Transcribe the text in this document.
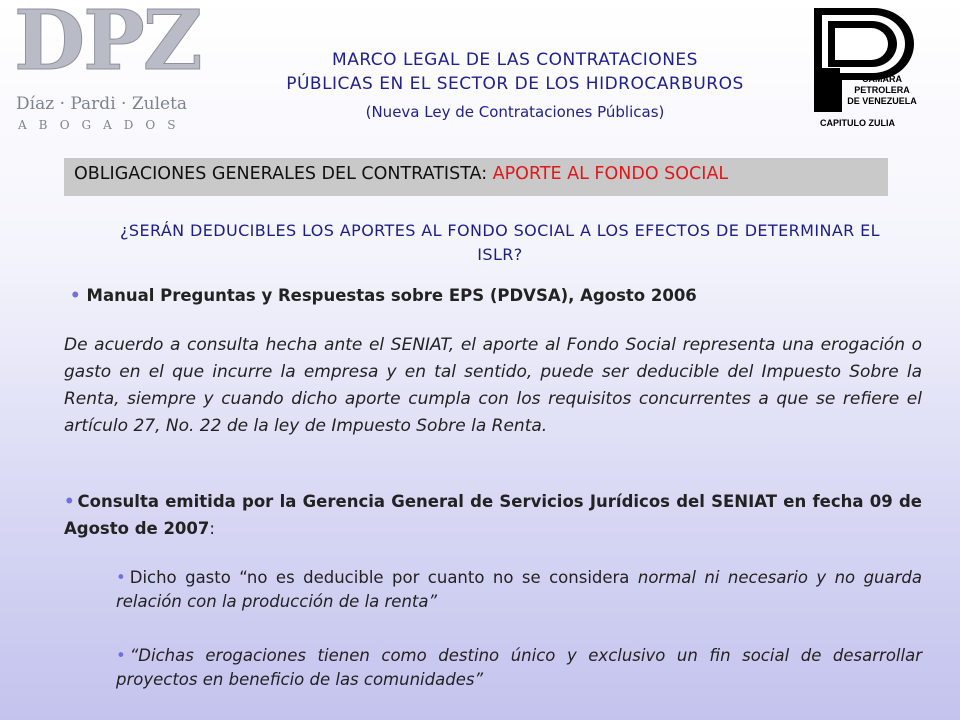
DPZ
Díaz · Pardi · Zuleta
ABOGADOS
MARCO LEGAL DE LAS CONTRATACIONES
PÚBLICAS EN EL SECTOR DE LOS HIDROCARBUROS
(Nueva Ley de Contrataciones Públicas)
CAMARA
PETROLERA
DE VENEZUELA
CAPITULO ZULIA
OBLIGACIONES GENERALES DEL CONTRATISTA: APORTE AL FONDO SOCIAL
¿SERÁN DEDUCIBLES LOS APORTES AL FONDO SOCIAL A LOS EFECTOS DE DETERMINAR EL ISLR?
• Manual Preguntas y Respuestas sobre EPS (PDVSA), Agosto 2006
De acuerdo a consulta hecha ante el SENIAT, el aporte al Fondo Social representa una erogación o gasto en el que incurre la empresa y en tal sentido, puede ser deducible del Impuesto Sobre la Renta, siempre y cuando dicho aporte cumpla con los requisitos concurrentes a que se refiere el artículo 27, No. 22 de la ley de Impuesto Sobre la Renta.
• Consulta emitida por la Gerencia General de Servicios Jurídicos del SENIAT en fecha 09 de Agosto de 2007:
• Dicho gasto “no es deducible por cuanto no se considera normal ni necesario y no guarda relación con la producción de la renta”
• “Dichas erogaciones tienen como destino único y exclusivo un fin social de desarrollar proyectos en beneficio de las comunidades”
